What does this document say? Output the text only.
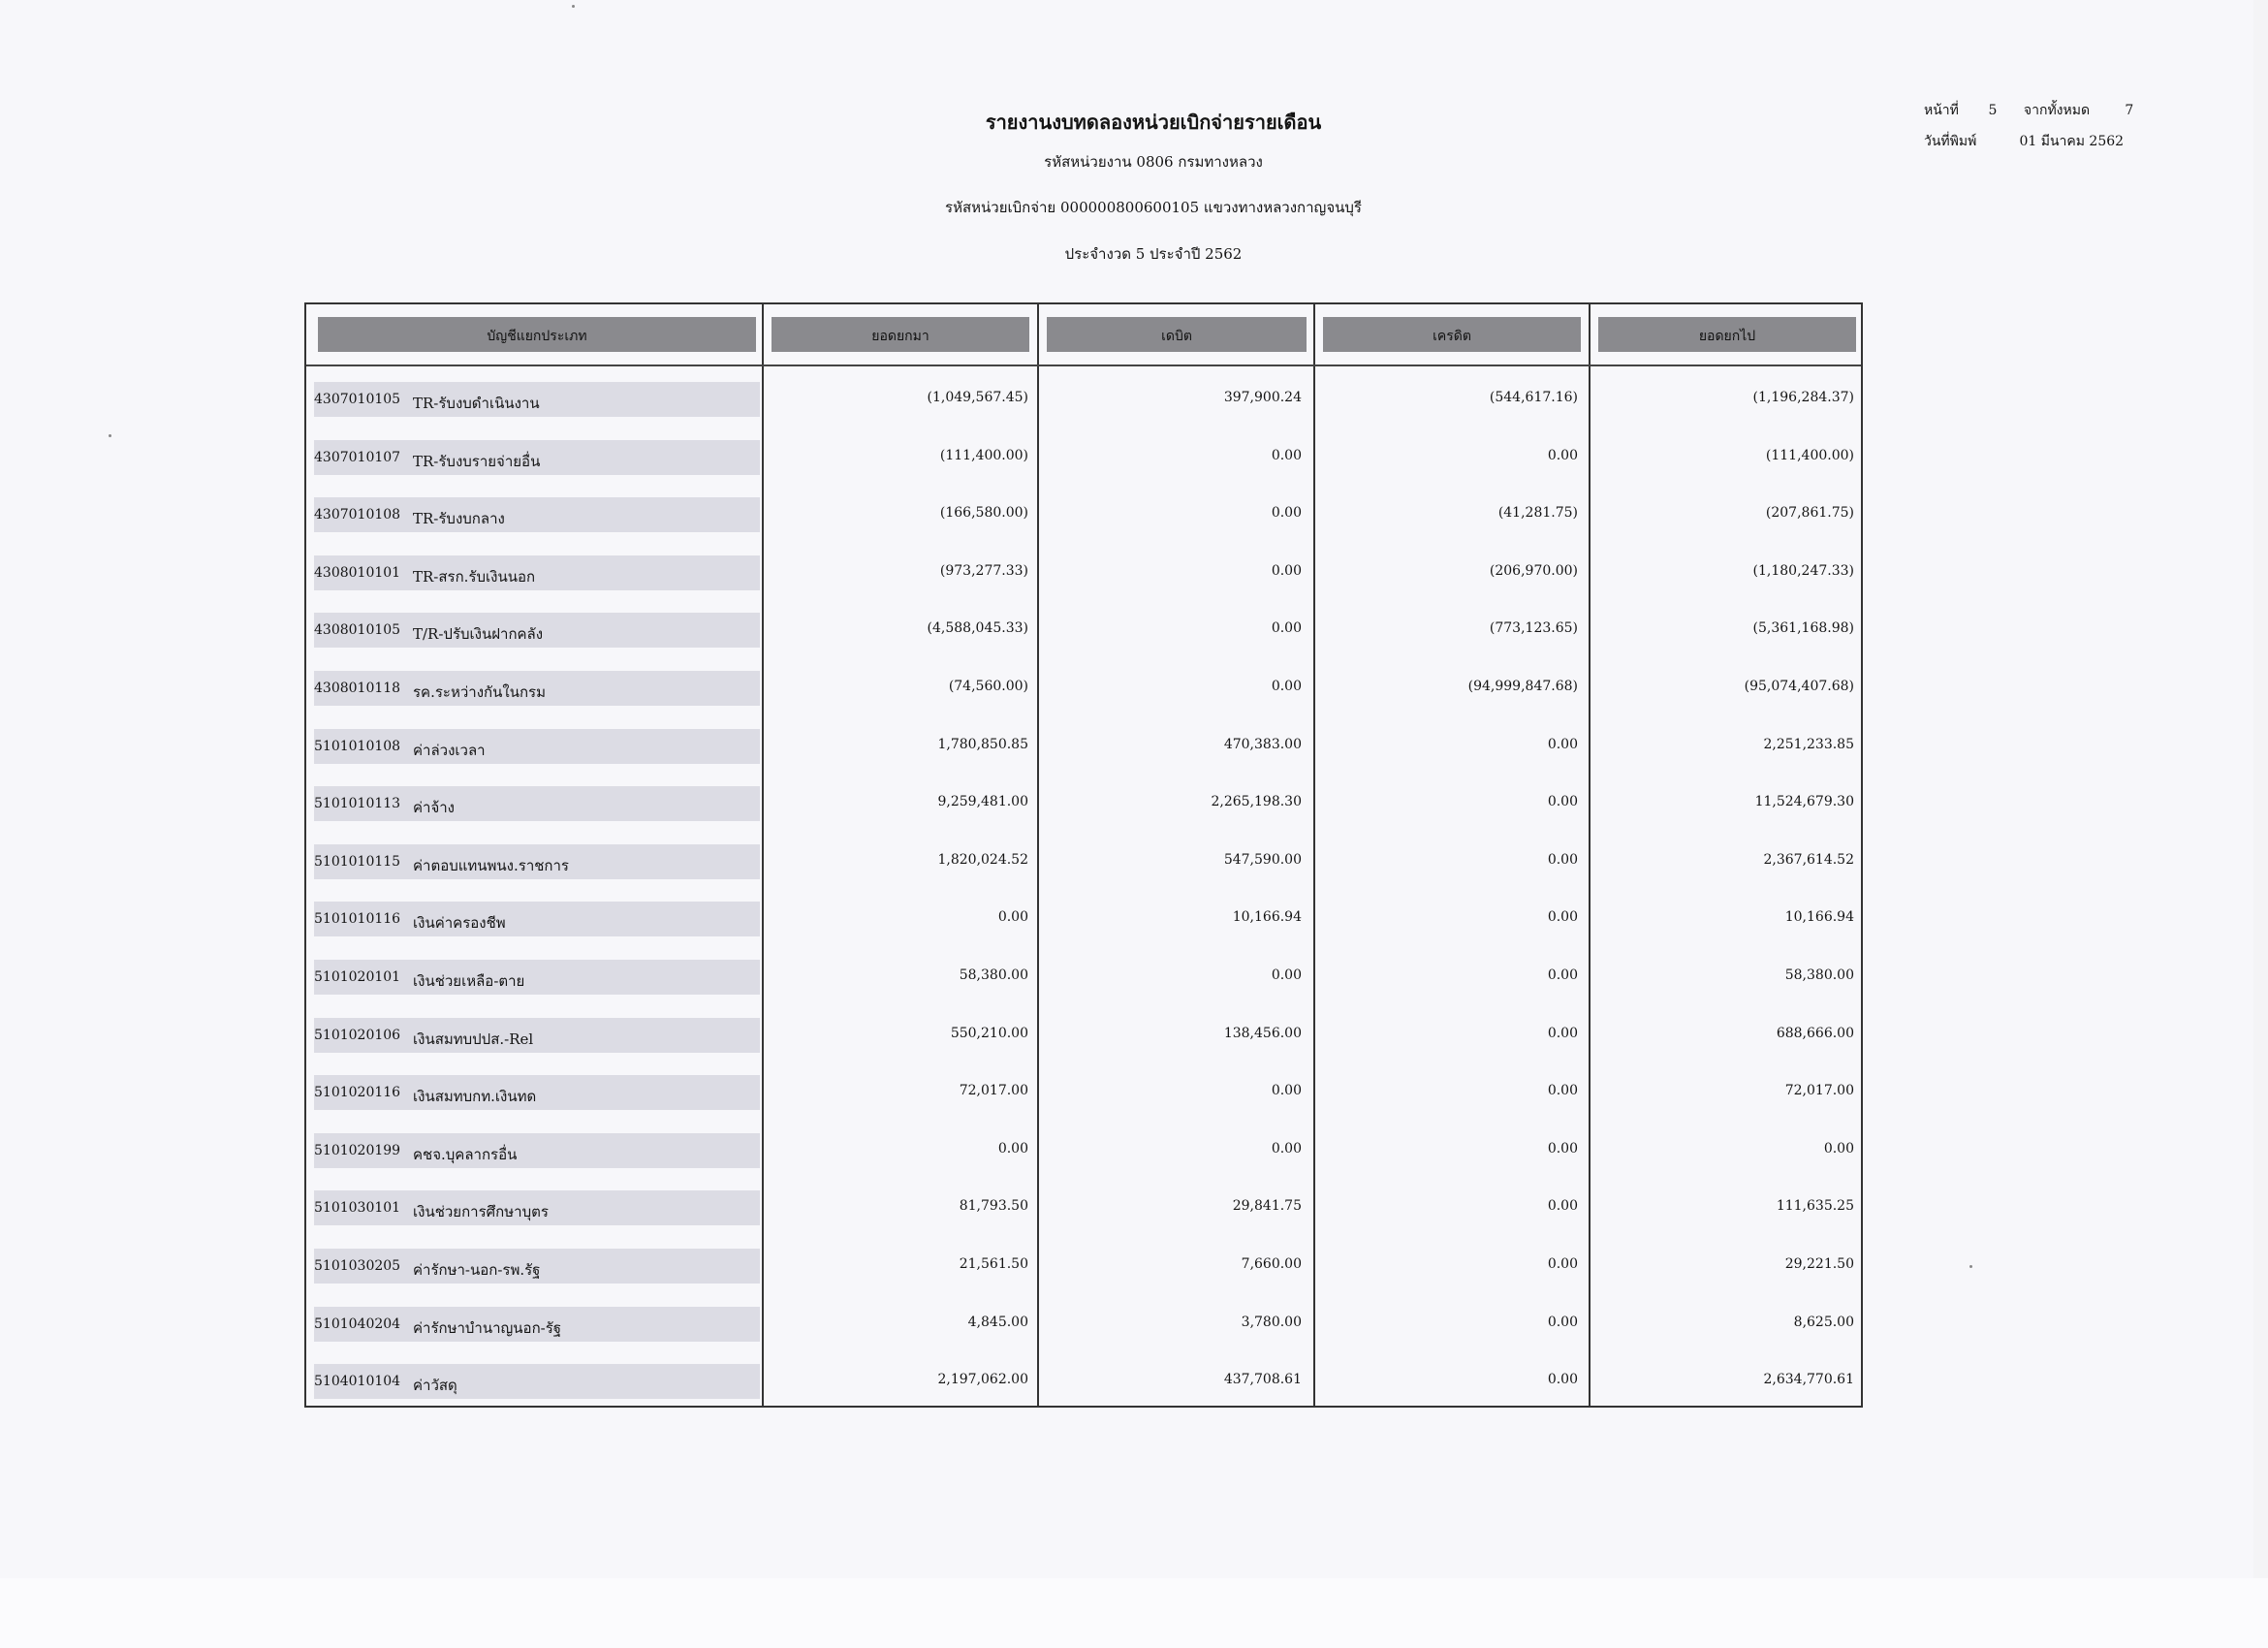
รายงานงบทดลองหน่วยเบิกจ่ายรายเดือน
รหัสหน่วยงาน 0806 กรมทางหลวง
รหัสหน่วยเบิกจ่าย 000000800600105 แขวงทางหลวงกาญจนบุรี
ประจำงวด 5 ประจำปี 2562
หน้าที่ 5 จากทั้งหมด	7
วันที่พิมพ์	01 มีนาคม 2562
บัญชีแยกประเภท	ยอดยกมา	เดบิต	เครดิต	ยอดยกไป
4307010105 TR-รับงบดำเนินงาน	(1,049,567.45)	397,900.24	(544,617.16)	(1,196,284.37)
4307010107 TR-รับงบรายจ่ายอื่น	(111,400.00)	0.00	0.00	(111,400.00)
4307010108 TR-รับงบกลาง	(166,580.00)	0.00	(41,281.75)	(207,861.75)
4308010101 TR-สรก.รับเงินนอก	(973,277.33)	0.00	(206,970.00)	(1,180,247.33)
4308010105 T/R-ปรับเงินฝากคลัง	(4,588,045.33)	0.00	(773,123.65)	(5,361,168.98)
4308010118 รค.ระหว่างกันในกรม	(74,560.00)	0.00	(94,999,847.68)	(95,074,407.68)
5101010108 ค่าล่วงเวลา	1,780,850.85	470,383.00	0.00	2,251,233.85
5101010113 ค่าจ้าง	9,259,481.00	2,265,198.30	0.00	11,524,679.30
5101010115 ค่าตอบแทนพนง.ราชการ	1,820,024.52	547,590.00	0.00	2,367,614.52
5101010116 เงินค่าครองชีพ	0.00	10,166.94	0.00	10,166.94
5101020101 เงินช่วยเหลือ-ตาย	58,380.00	0.00	0.00	58,380.00
5101020106 เงินสมทบปปส.-Rel	550,210.00	138,456.00	0.00	688,666.00
5101020116 เงินสมทบกท.เงินทด	72,017.00	0.00	0.00	72,017.00
5101020199 คชจ.บุคลากรอื่น	0.00	0.00	0.00	0.00
5101030101 เงินช่วยการศึกษาบุตร	81,793.50	29,841.75	0.00	111,635.25
5101030205 ค่ารักษา-นอก-รพ.รัฐ	21,561.50	7,660.00	0.00	29,221.50
5101040204 ค่ารักษาบำนาญนอก-รัฐ	4,845.00	3,780.00	0.00	8,625.00
5104010104 ค่าวัสดุ	2,197,062.00	437,708.61	0.00	2,634,770.61
